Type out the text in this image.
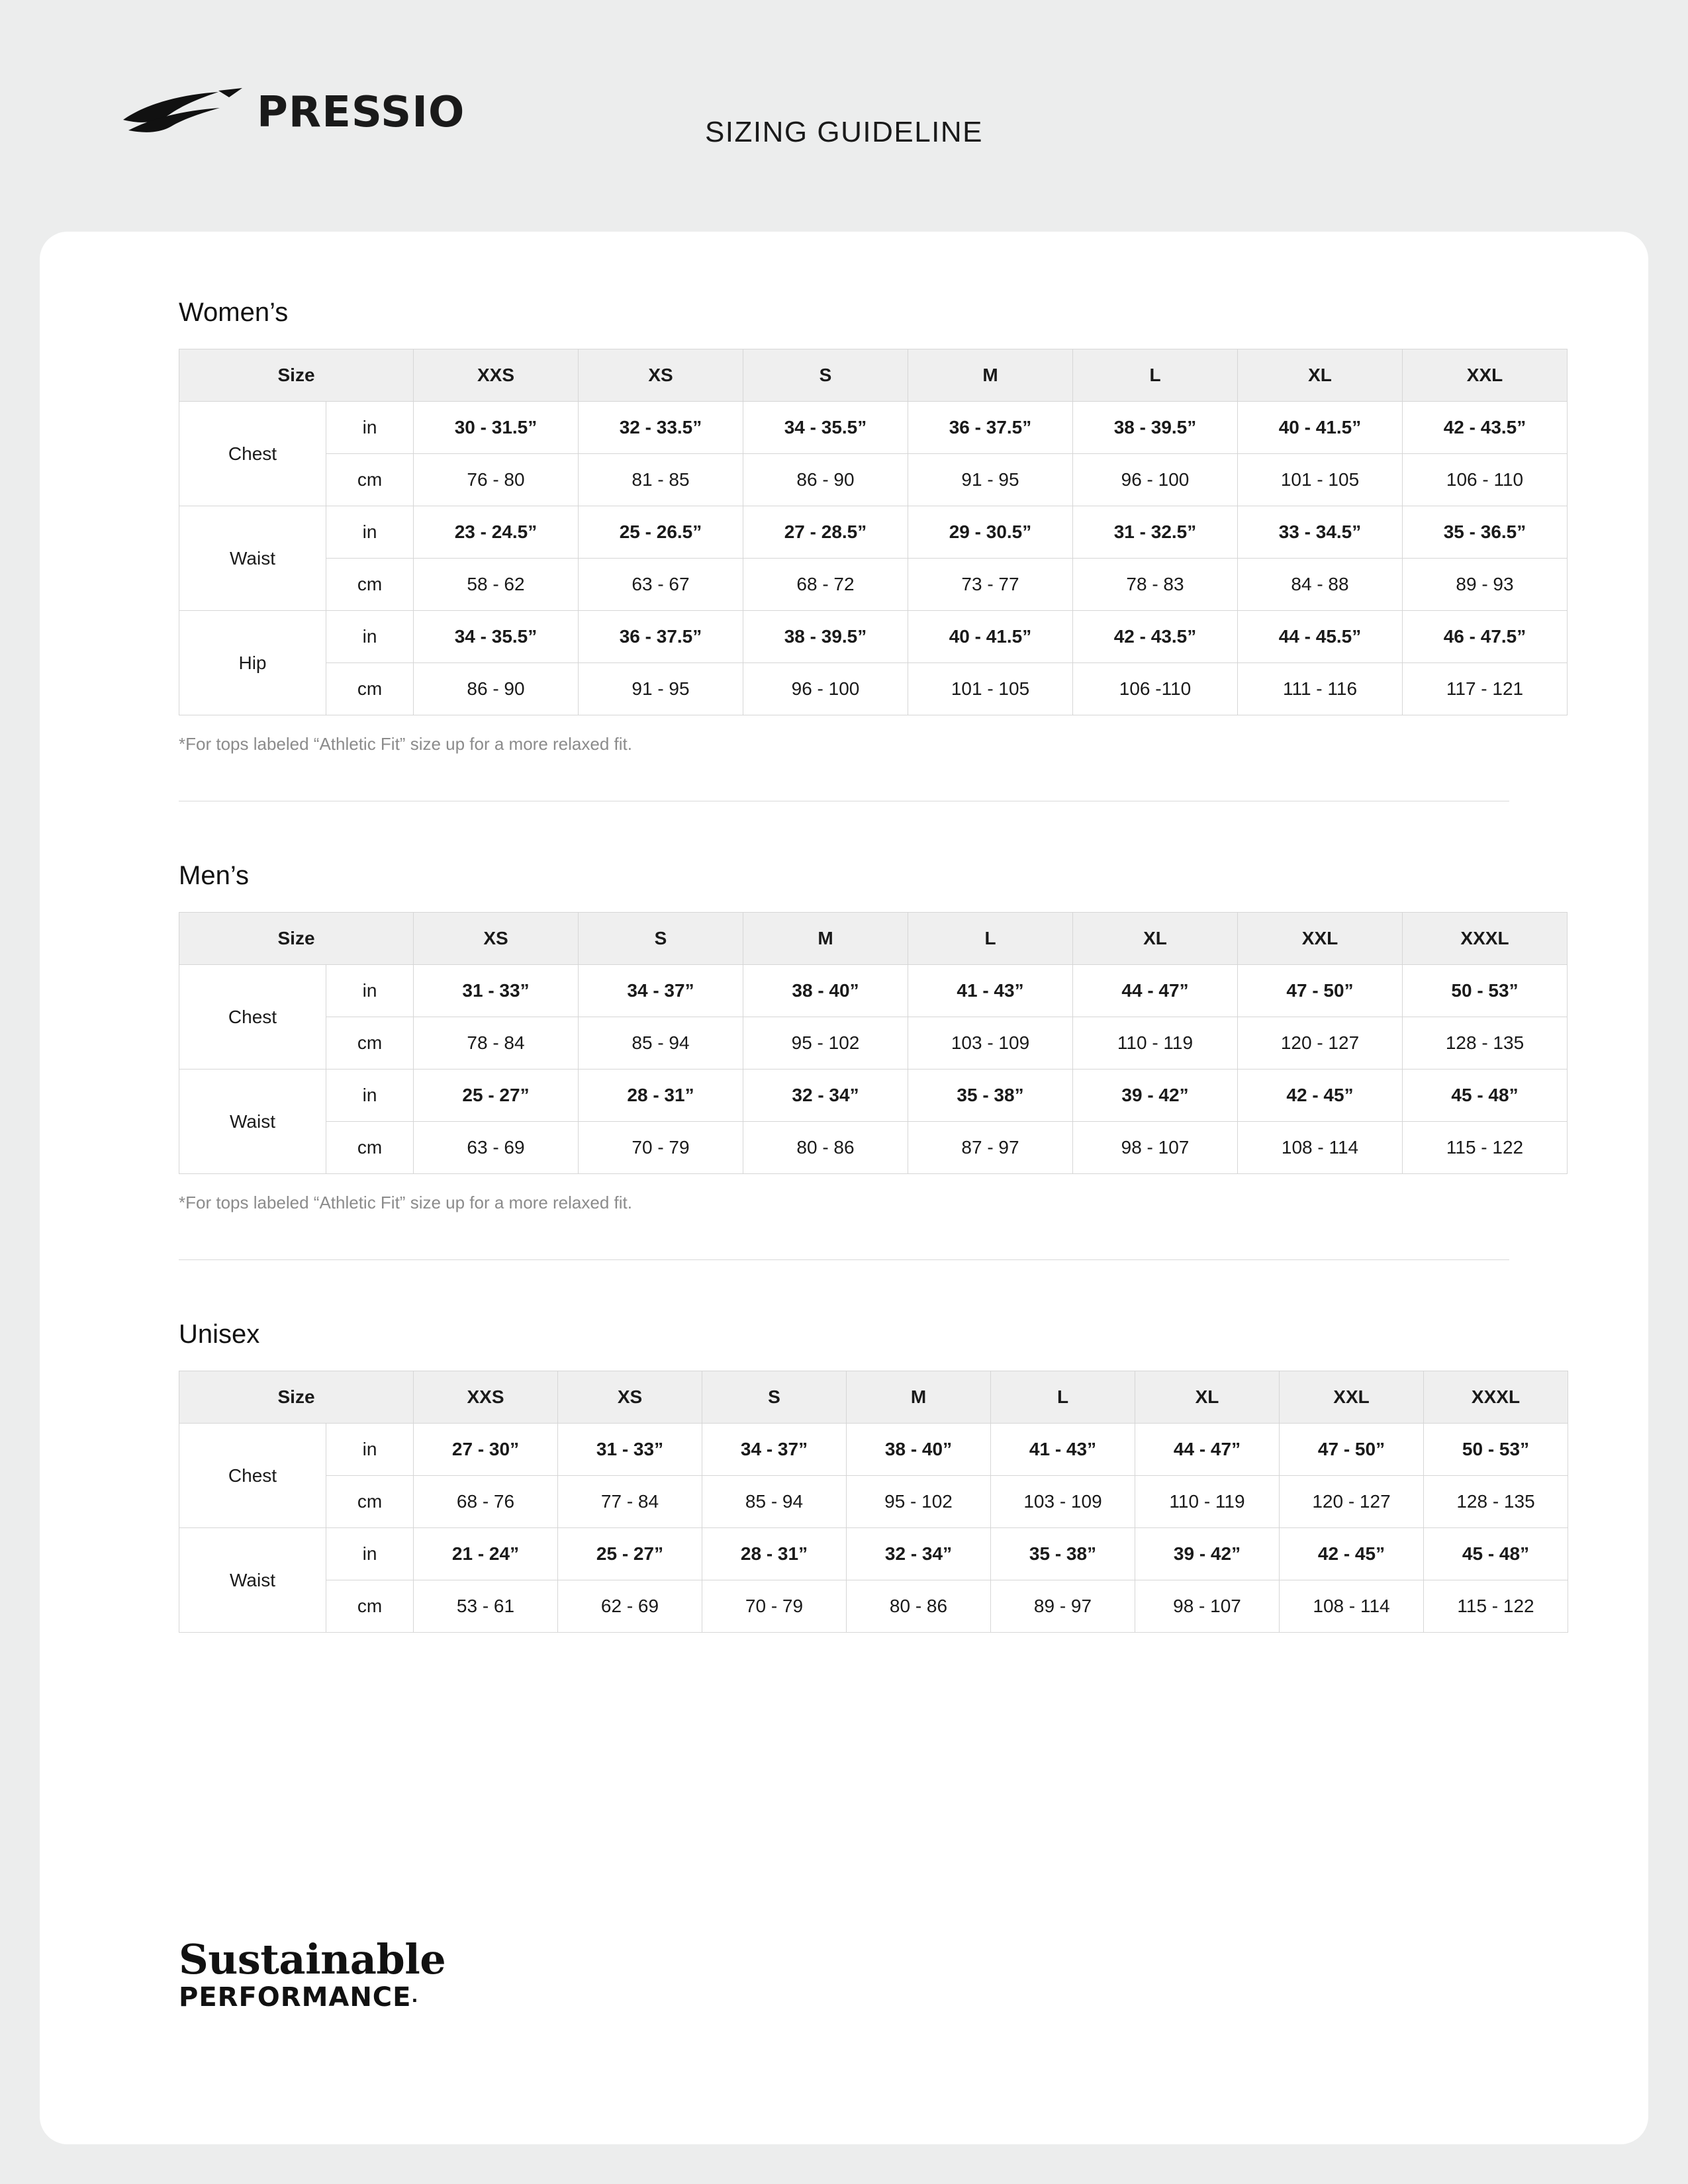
PRESSIO	SIZING GUIDELINE
Women’s
Size		XXS	XS	S	M	L	XL	XXL
Chest	in	30 - 31.5”	32 - 33.5”	34 - 35.5”	36 - 37.5”	38 - 39.5”	40 - 41.5”	42 - 43.5”
	cm	76 - 80	81 - 85	86 - 90	91 - 95	96 - 100	101 - 105	106 - 110
Waist	in	23 - 24.5”	25 - 26.5”	27 - 28.5”	29 - 30.5”	31 - 32.5”	33 - 34.5”	35 - 36.5”
	cm	58 - 62	63 - 67	68 - 72	73 - 77	78 - 83	84 - 88	89 - 93
Hip	in	34 - 35.5”	36 - 37.5”	38 - 39.5”	40 - 41.5”	42 - 43.5”	44 - 45.5”	46 - 47.5”
	cm	86 - 90	91 - 95	96 - 100	101 - 105	106 -110	111 - 116	117 - 121
*For tops labeled “Athletic Fit” size up for a more relaxed fit.
Men’s
Size		XS	S	M	L	XL	XXL	XXXL
Chest	in	31 - 33”	34 - 37”	38 - 40”	41 - 43”	44 - 47”	47 - 50”	50 - 53”
	cm	78 - 84	85 - 94	95 - 102	103 - 109	110 - 119	120 - 127	128 - 135
Waist	in	25 - 27”	28 - 31”	32 - 34”	35 - 38”	39 - 42”	42 - 45”	45 - 48”
	cm	63 - 69	70 - 79	80 - 86	87 - 97	98 - 107	108 - 114	115 - 122
*For tops labeled “Athletic Fit” size up for a more relaxed fit.
Unisex
Size		XXS	XS	S	M	L	XL	XXL	XXXL
Chest	in	27 - 30”	31 - 33”	34 - 37”	38 - 40”	41 - 43”	44 - 47”	47 - 50”	50 - 53”
	cm	68 - 76	77 - 84	85 - 94	95 - 102	103 - 109	110 - 119	120 - 127	128 - 135
Waist	in	21 - 24”	25 - 27”	28 - 31”	32 - 34”	35 - 38”	39 - 42”	42 - 45”	45 - 48”
	cm	53 - 61	62 - 69	70 - 79	80 - 86	89 - 97	98 - 107	108 - 114	115 - 122
Sustainable
PERFORMANCE.
